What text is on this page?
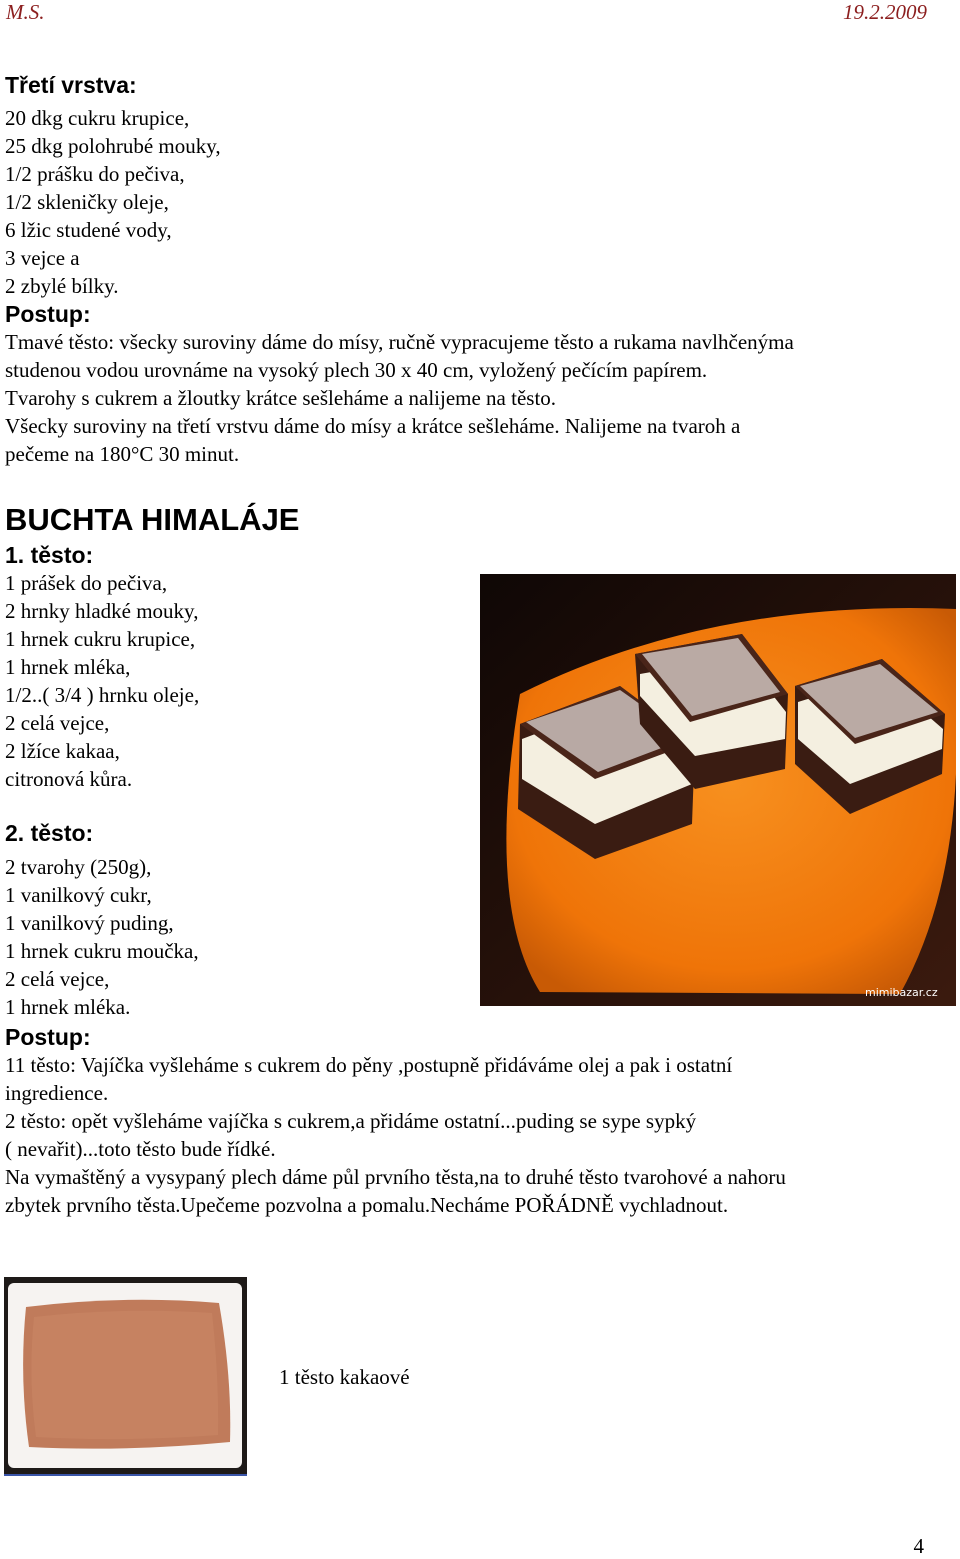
M.S.	19.2.2009
Třetí vrstva:
20 dkg cukru krupice,
25 dkg polohrubé mouky,
1/2 prášku do pečiva,
1/2 skleničky oleje,
6 lžic studené vody,
3 vejce a
2 zbylé bílky.
Postup:
Tmavé těsto: všecky suroviny dáme do mísy, ručně vypracujeme těsto a rukama navlhčenýma
studenou vodou urovnáme na vysoký plech 30 x 40 cm, vyložený pečícím papírem.
Tvarohy s cukrem a žloutky krátce sešleháme a nalijeme na těsto.
Všecky suroviny na třetí vrstvu dáme do mísy a krátce sešleháme. Nalijeme na tvaroh a
pečeme na 180°C 30 minut.
BUCHTA HIMALÁJE
1. těsto:
1 prášek do pečiva,
2 hrnky hladké mouky,
1 hrnek cukru krupice,
1 hrnek mléka,
1/2..( 3/4 ) hrnku oleje,
2 celá vejce,
2 lžíce kakaa,
citronová kůra.
2. těsto:
2 tvarohy (250g),
1 vanilkový cukr,
1 vanilkový puding,
1 hrnek cukru moučka,
2 celá vejce,
1 hrnek mléka.
Postup:
11 těsto: Vajíčka vyšleháme s cukrem do pěny ,postupně přidáváme olej a pak i ostatní
ingredience.
2 těsto: opět vyšleháme vajíčka s cukrem,a přidáme ostatní...puding se sype sypký
( nevařit)...toto těsto bude řídké.
Na vymaštěný a vysypaný plech dáme půl prvního těsta,na to druhé těsto tvarohové a nahoru
zbytek prvního těsta.Upečeme pozvolna a pomalu.Necháme POŘÁDNĚ vychladnout.
mimibazar.cz
1 těsto kakaové
4
